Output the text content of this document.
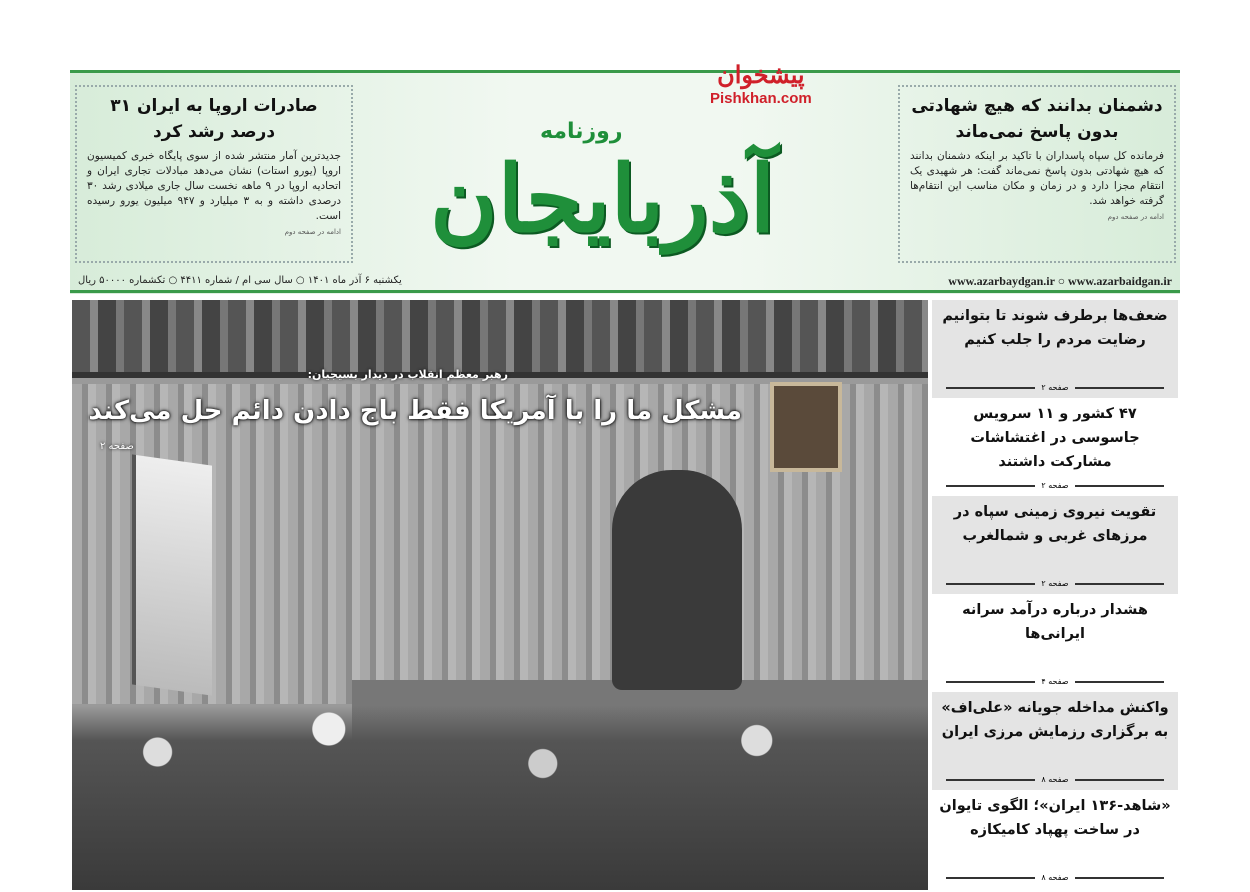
صادرات اروپا به ایران ۳۱ درصد رشد کرد

جدیدترین آمار منتشر شده از سوی پایگاه خبری کمیسیون اروپا (یورو استات) نشان می‌دهد مبادلات تجاری ایران و اتحادیه اروپا در ۹ ماهه نخست سال جاری میلادی رشد ۳۰ درصدی داشته و به ۳ میلیارد و ۹۴۷ میلیون یورو رسیده است.

ادامه در صفحه دوم آذربایجان
روزنامه
پیشخوان
Pishkhan.com	دشمنان بدانند که هیچ شهادتی بدون پاسخ نمی‌ماند

فرمانده کل سپاه پاسداران با تاکید بر اینکه دشمنان بدانند که هیچ شهادتی بدون پاسخ نمی‌ماند گفت: هر شهیدی یک انتقام مجزا دارد و در زمان و مکان مناسب این انتقام‌ها گرفته خواهد شد.

ادامه در صفحه دوم
یکشنبه ۶ آذر ماه ۱۴۰۱ ○ سال سی ام / شماره ۴۴۱۱ ○ تکشماره ۵۰۰۰۰ ریال	www.azarbaydgan.ir ○ www.azarbaidgan.ir
رهبر معظم انقلاب در دیدار بسیجیان:
مشکل ما را با آمریکا فقط باج دادن دائم حل می‌کند
صفحه ۲
ضعف‌ها برطرف شوند تا بتوانیم رضایت مردم را جلب کنیم
صفحه ۲
۴۷ کشور و ۱۱ سرویس جاسوسی در اغتشاشات مشارکت داشتند
صفحه ۲
تقویت نیروی زمینی سپاه در مرزهای غربی و شمالغرب
صفحه ۲
هشدار درباره درآمد سرانه ایرانی‌ها
صفحه ۴
واکنش مداخله جویانه «علی‌اف» به برگزاری رزمایش مرزی ایران
صفحه ۸
«شاهد-۱۳۶ ایران»؛ الگوی تایوان در ساخت پهپاد کامیکازه
صفحه ۸
